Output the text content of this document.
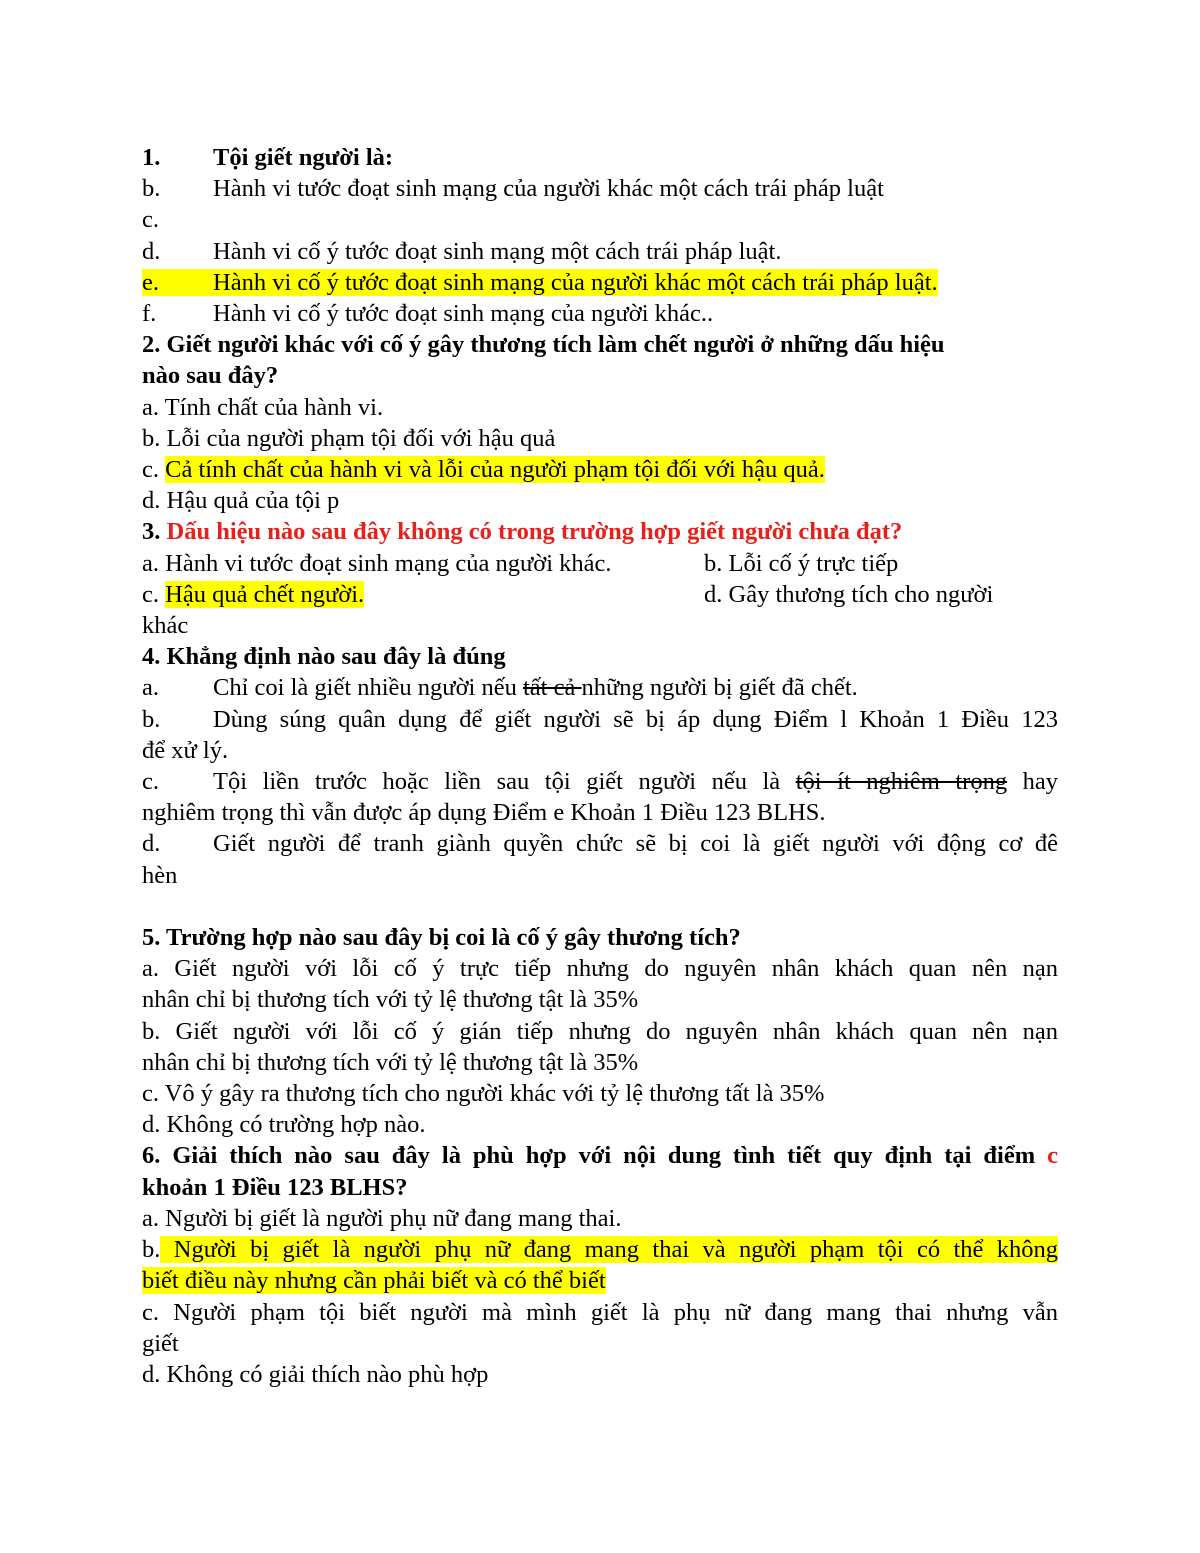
1. Tội giết người là:
b. Hành vi tước đoạt sinh mạng của người khác một cách trái pháp luật
c.
d. Hành vi cố ý tước đoạt sinh mạng một cách trái pháp luật.
e. Hành vi cố ý tước đoạt sinh mạng của người khác một cách trái pháp luật.
f. Hành vi cố ý tước đoạt sinh mạng của người khác..
2. Giết người khác với cố ý gây thương tích làm chết người ở những dấu hiệu
nào sau đây?
a. Tính chất của hành vi.
b. Lỗi của người phạm tội đối với hậu quả
c. Cả tính chất của hành vi và lỗi của người phạm tội đối với hậu quả.
d. Hậu quả của tội p
3. Dấu hiệu nào sau đây không có trong trường hợp giết người chưa đạt?
a. Hành vi tước đoạt sinh mạng của người khác.	b. Lỗi cố ý trực tiếp
c. Hậu quả chết người.	d. Gây thương tích cho người
khác
4. Khẳng định nào sau đây là đúng
a. Chỉ coi là giết nhiều người nếu tất cả những người bị giết đã chết.
b. Dùng súng quân dụng để giết người sẽ bị áp dụng Điểm l Khoản 1 Điều 123
để xử lý.
c. Tội liền trước hoặc liền sau tội giết người nếu là tội ít nghiêm trọng hay
nghiêm trọng thì vẫn được áp dụng Điểm e Khoản 1 Điều 123 BLHS.
d. Giết người để tranh giành quyền chức sẽ bị coi là giết người với động cơ đê
hèn
5. Trường hợp nào sau đây bị coi là cố ý gây thương tích?
a. Giết người với lỗi cố ý trực tiếp nhưng do nguyên nhân khách quan nên nạn
nhân chỉ bị thương tích với tỷ lệ thương tật là 35%
b. Giết người với lỗi cố ý gián tiếp nhưng do nguyên nhân khách quan nên nạn
nhân chỉ bị thương tích với tỷ lệ thương tật là 35%
c. Vô ý gây ra thương tích cho người khác với tỷ lệ thương tất là 35%
d. Không có trường hợp nào.
6. Giải thích nào sau đây là phù hợp với nội dung tình tiết quy định tại điểm c
khoản 1 Điều 123 BLHS?
a. Người bị giết là người phụ nữ đang mang thai.
b. Người bị giết là người phụ nữ đang mang thai và người phạm tội có thể không
biết điều này nhưng cần phải biết và có thể biết
c. Người phạm tội biết người mà mình giết là phụ nữ đang mang thai nhưng vẫn
giết
d. Không có giải thích nào phù hợp
